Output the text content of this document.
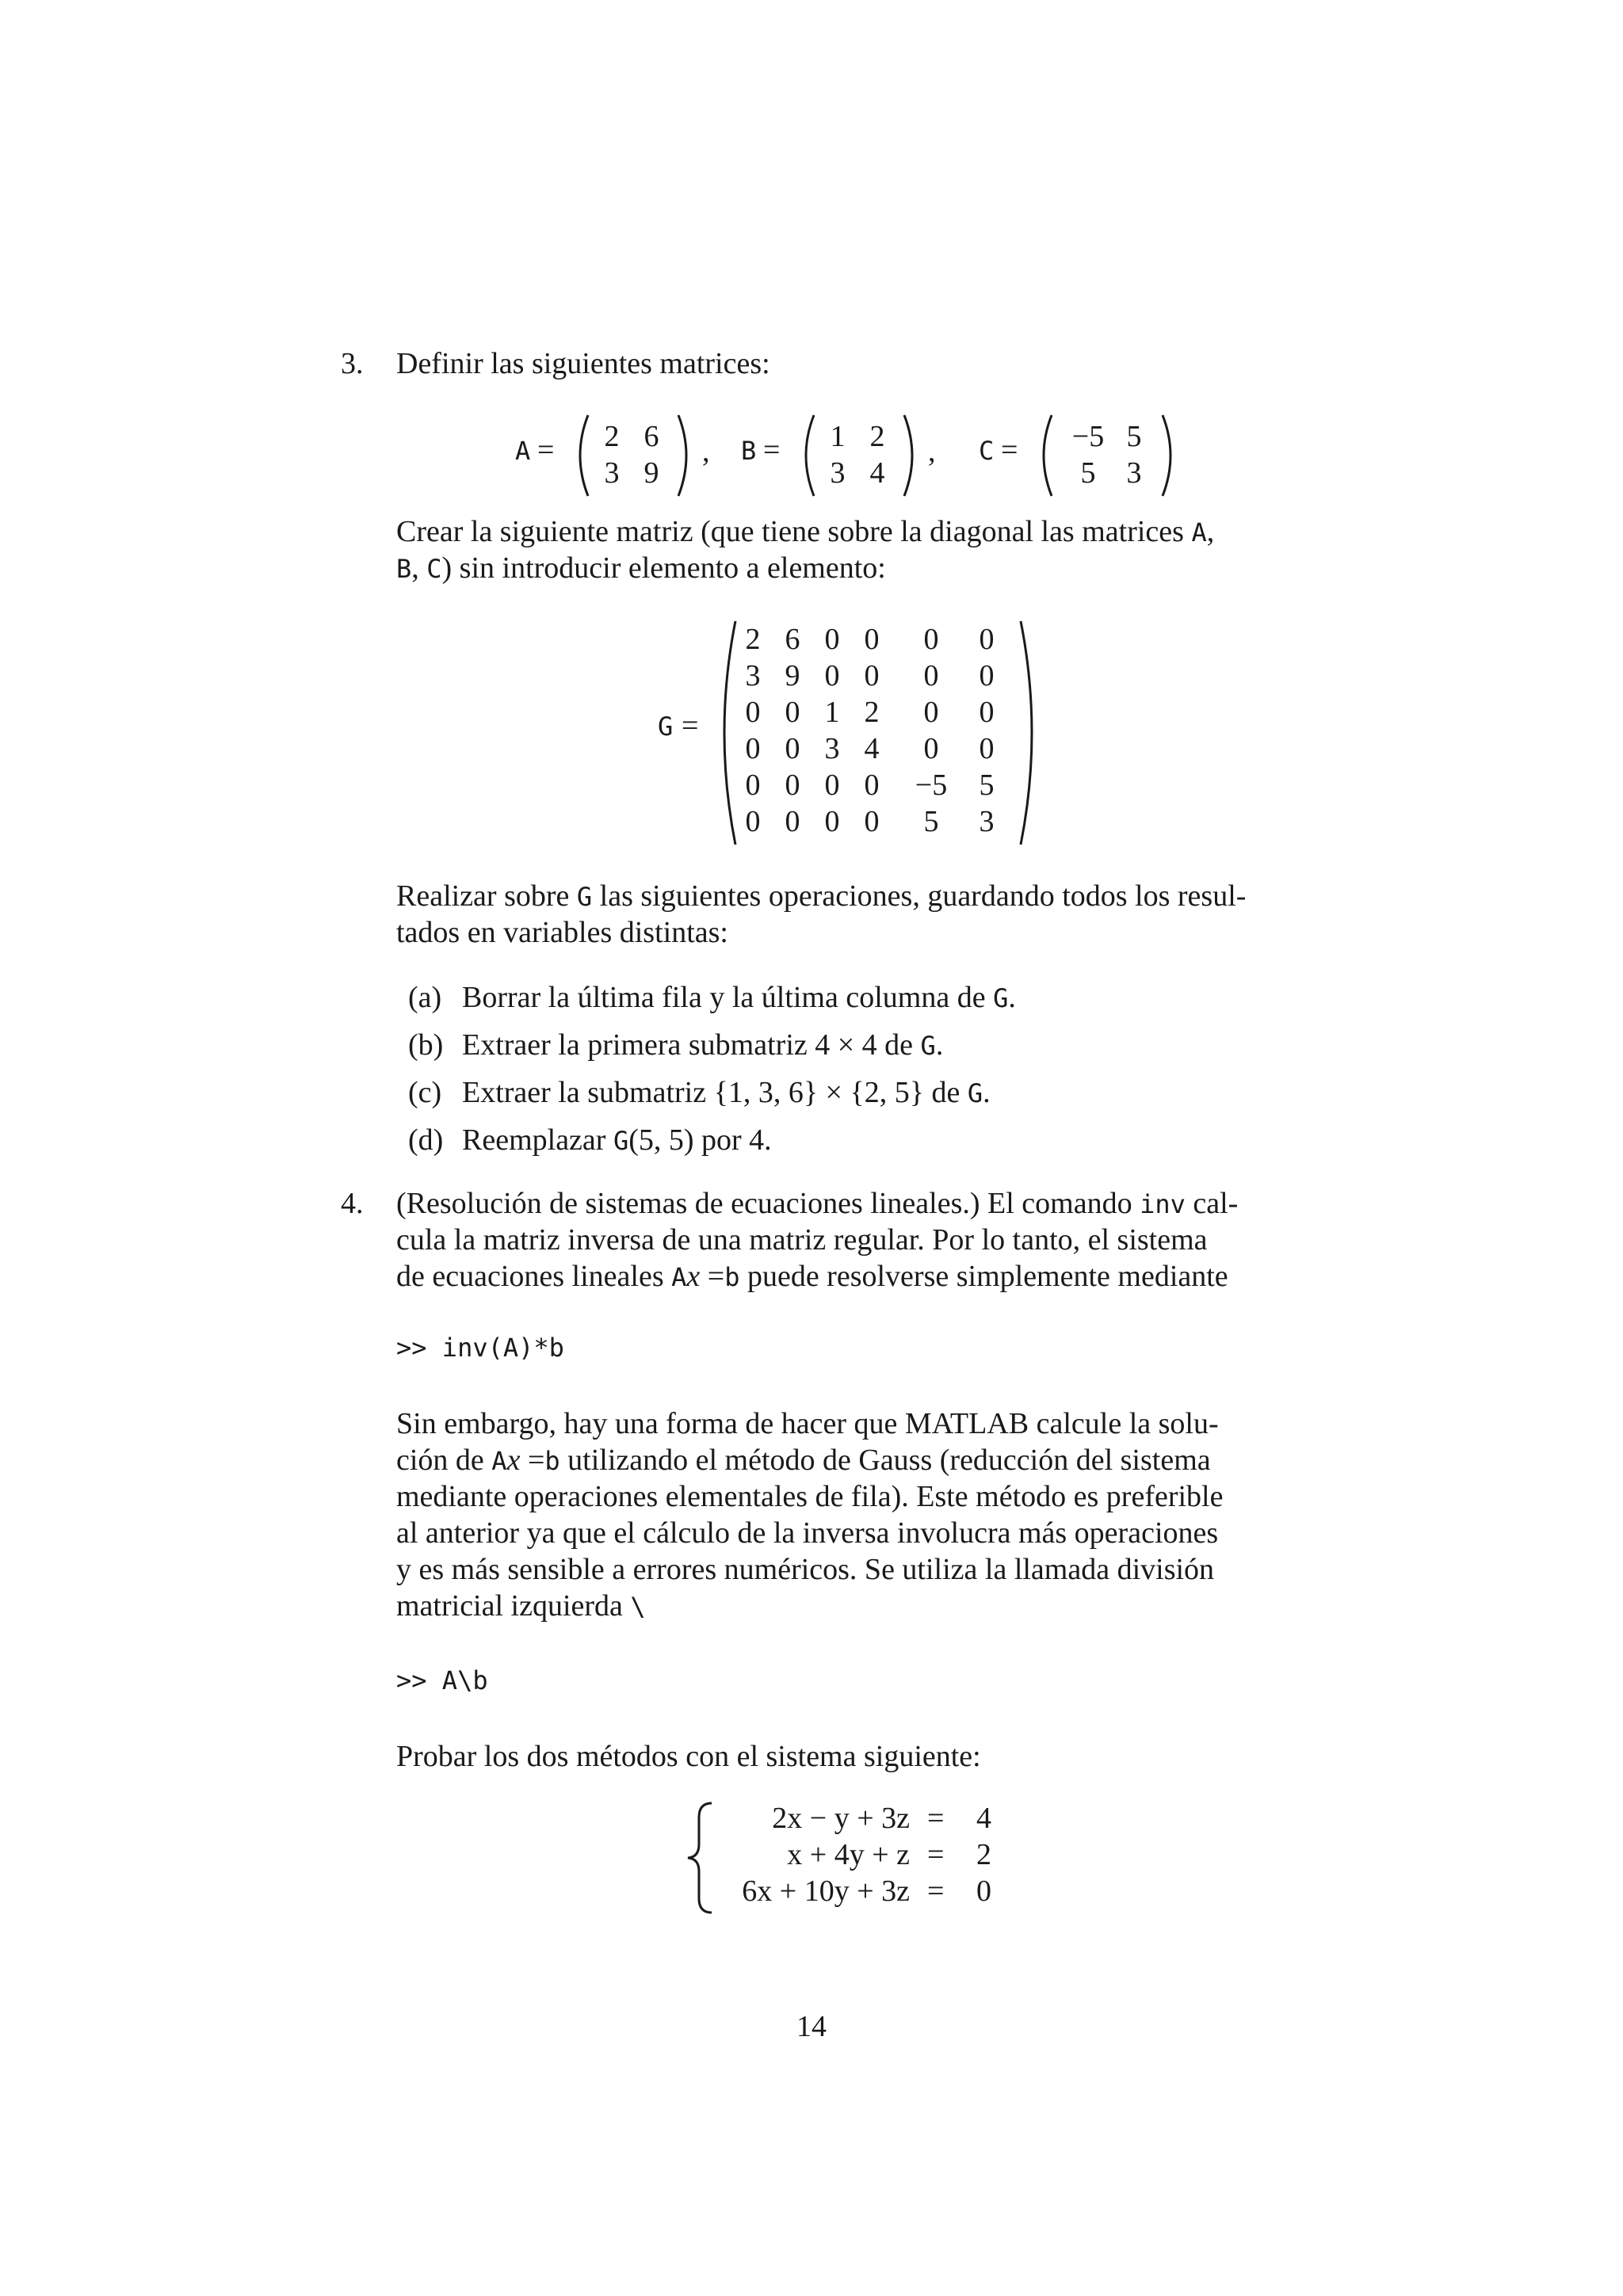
3. Definir las siguientes matrices:
A =	2 6
3 9
, B =	1 2
3 4
, C =	−5 5
5	3
Crear la siguiente matriz (que tiene sobre la diagonal las matrices A,
B, C) sin introducir elemento a elemento:
G =
2 6 0 0	0	0
3 9 0 0	0	0
0 0 1 2	0	0
0 0 3 4	0	0
0 0 0 0	−5	5
0 0 0 0	5	3
Realizar sobre G las siguientes operaciones, guardando todos los resul-
tados en variables distintas:
(a) Borrar la última fila y la última columna de G.
(b) Extraer la primera submatriz 4 × 4 de G.
(c) Extraer la submatriz {1, 3, 6} × {2, 5} de G.
(d) Reemplazar G(5, 5) por 4.
4. (Resolución de sistemas de ecuaciones lineales.) El comando inv cal-
cula la matriz inversa de una matriz regular. Por lo tanto, el sistema
de ecuaciones lineales Ax =b puede resolverse simplemente mediante
>> inv(A)*b
Sin embargo, hay una forma de hacer que MATLAB calcule la solu-
ción de Ax =b utilizando el método de Gauss (reducción del sistema
mediante operaciones elementales de fila). Este método es preferible
al anterior ya que el cálculo de la inversa involucra más operaciones
y es más sensible a errores numéricos. Se utiliza la llamada división
matricial izquierda \
>> A\b
Probar los dos métodos con el sistema siguiente:
2x − y + 3z = 4
x + 4y + z = 2
6x + 10y + 3z = 0
14
